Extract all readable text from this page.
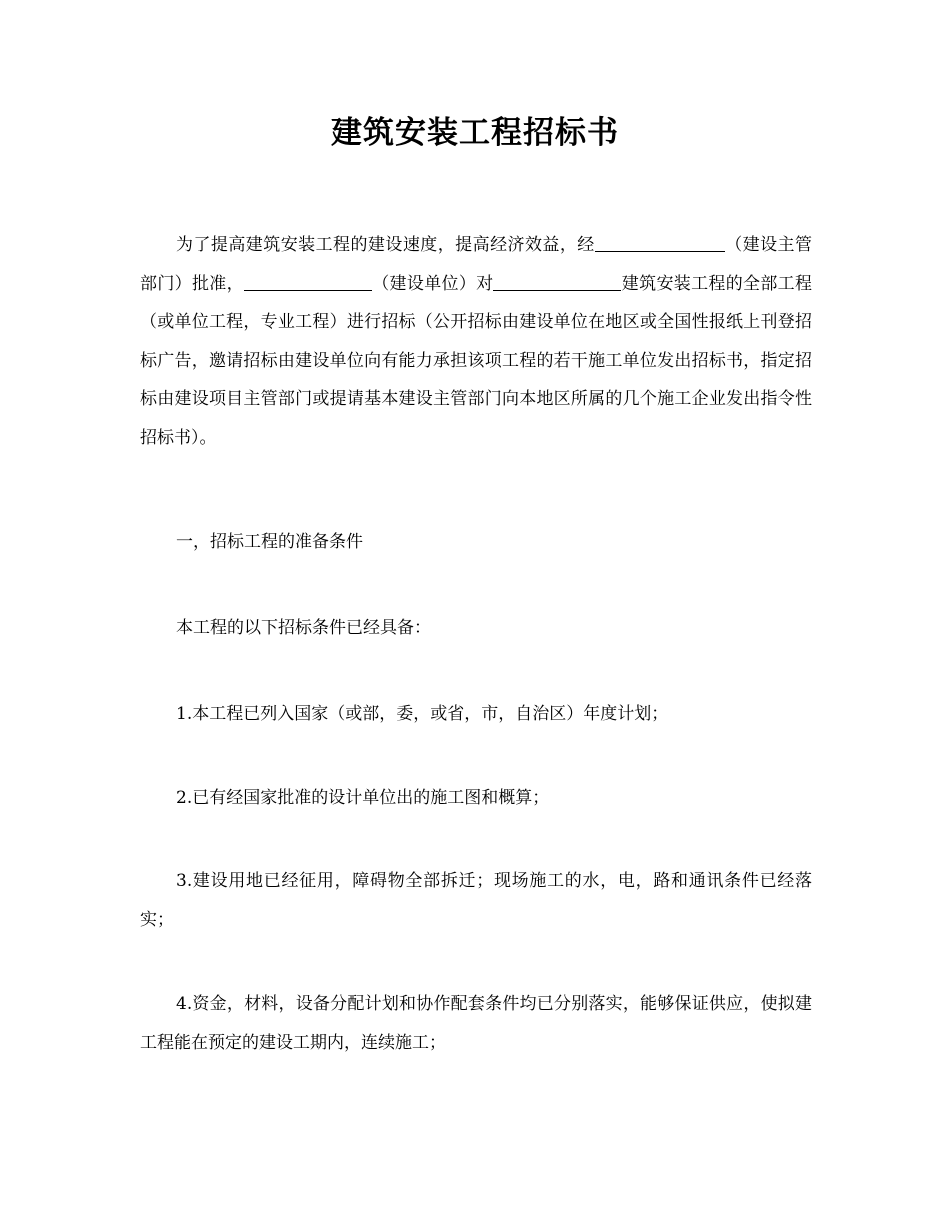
建筑安装工程招标书

为了提高建筑安装工程的建设速度，提高经济效益，经	（建设主管部门）批准，	（建设单位）对	建筑安装工程的全部工程（或单位工程，专业工程）进行招标（公开招标由建设单位在地区或全国性报纸上刊登招标广告，邀请招标由建设单位向有能力承担该项工程的若干施工单位发出招标书，指定招标由建设项目主管部门或提请基本建设主管部门向本地区所属的几个施工企业发出指令性招标书）。

一，招标工程的准备条件

本工程的以下招标条件已经具备：

1.本工程已列入国家（或部，委，或省，市，自治区）年度计划；

2.已有经国家批准的设计单位出的施工图和概算；

3.建设用地已经征用，障碍物全部拆迁；现场施工的水，电，路和通讯条件已经落实；

4.资金，材料，设备分配计划和协作配套条件均已分别落实，能够保证供应，使拟建工程能在预定的建设工期内，连续施工；
